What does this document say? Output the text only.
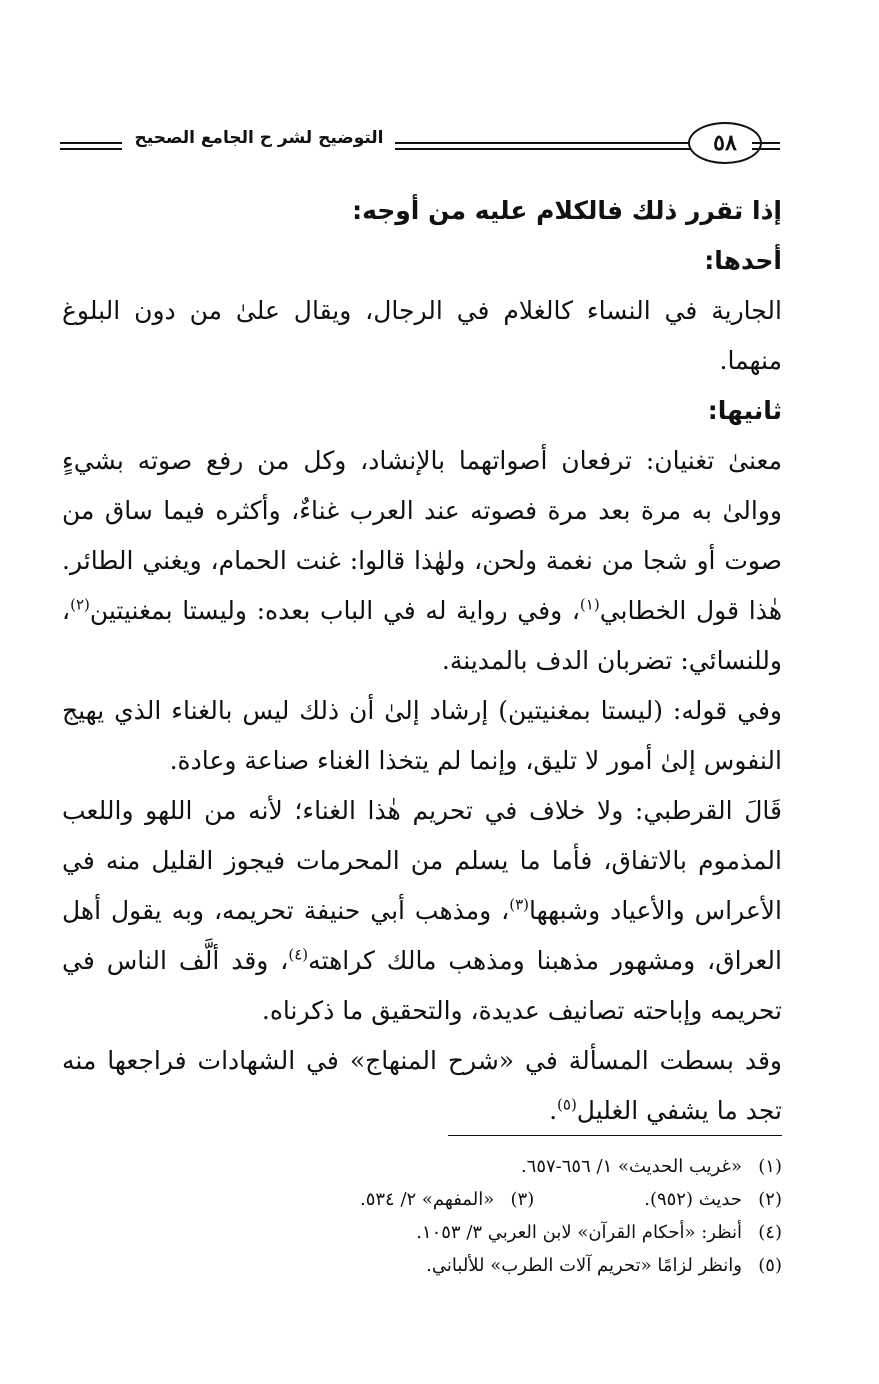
التوضيح لشر ح الجامع الصحيح	٥٨

إذا تقرر ذلك فالكلام عليه من أوجه:

أحدها:

الجارية في النساء كالغلام في الرجال، ويقال علىٰ من دون البلوغ منهما.

ثانيها:

معنىٰ تغنيان: ترفعان أصواتهما بالإنشاد، وكل من رفع صوته بشيءٍ ووالىٰ به مرة بعد مرة فصوته عند العرب غناءٌ، وأكثره فيما ساق من صوت أو شجا من نغمة ولحن، ولهٰذا قالوا: غنت الحمام، ويغني الطائر. هٰذا قول الخطابي$^{(١)}$، وفي رواية له في الباب بعده: وليستا بمغنيتين$^{(٢)}$، وللنسائي: تضربان الدف بالمدينة.

وفي قوله: (ليستا بمغنيتين) إرشاد إلىٰ أن ذلك ليس بالغناء الذي يهيج النفوس إلىٰ أمور لا تليق، وإنما لم يتخذا الغناء صناعة وعادة.

قَالَ القرطبي: ولا خلاف في تحريم هٰذا الغناء؛ لأنه من اللهو واللعب المذموم بالاتفاق، فأما ما يسلم من المحرمات فيجوز القليل منه في الأعراس والأعياد وشبهها$^{(٣)}$، ومذهب أبي حنيفة تحريمه، وبه يقول أهل العراق، ومشهور مذهبنا ومذهب مالك كراهته$^{(٤)}$، وقد ألَّف الناس في تحريمه وإباحته تصانيف عديدة، والتحقيق ما ذكرناه.

وقد بسطت المسألة في «شرح المنهاج» في الشهادات فراجعها منه تجد ما يشفي الغليل$^{(٥)}$.

(١)«غريب الحديث» ١/ ٦٥٦-٦٥٧.

(٢)حديث (٩٥٢).(٣)«المفهم» ٢/ ٥٣٤.

(٤)أنظر: «أحكام القرآن» لابن العربي ٣/ ١٠٥٣.

(٥)وانظر لزامًا «تحريم آلات الطرب» للألباني.
